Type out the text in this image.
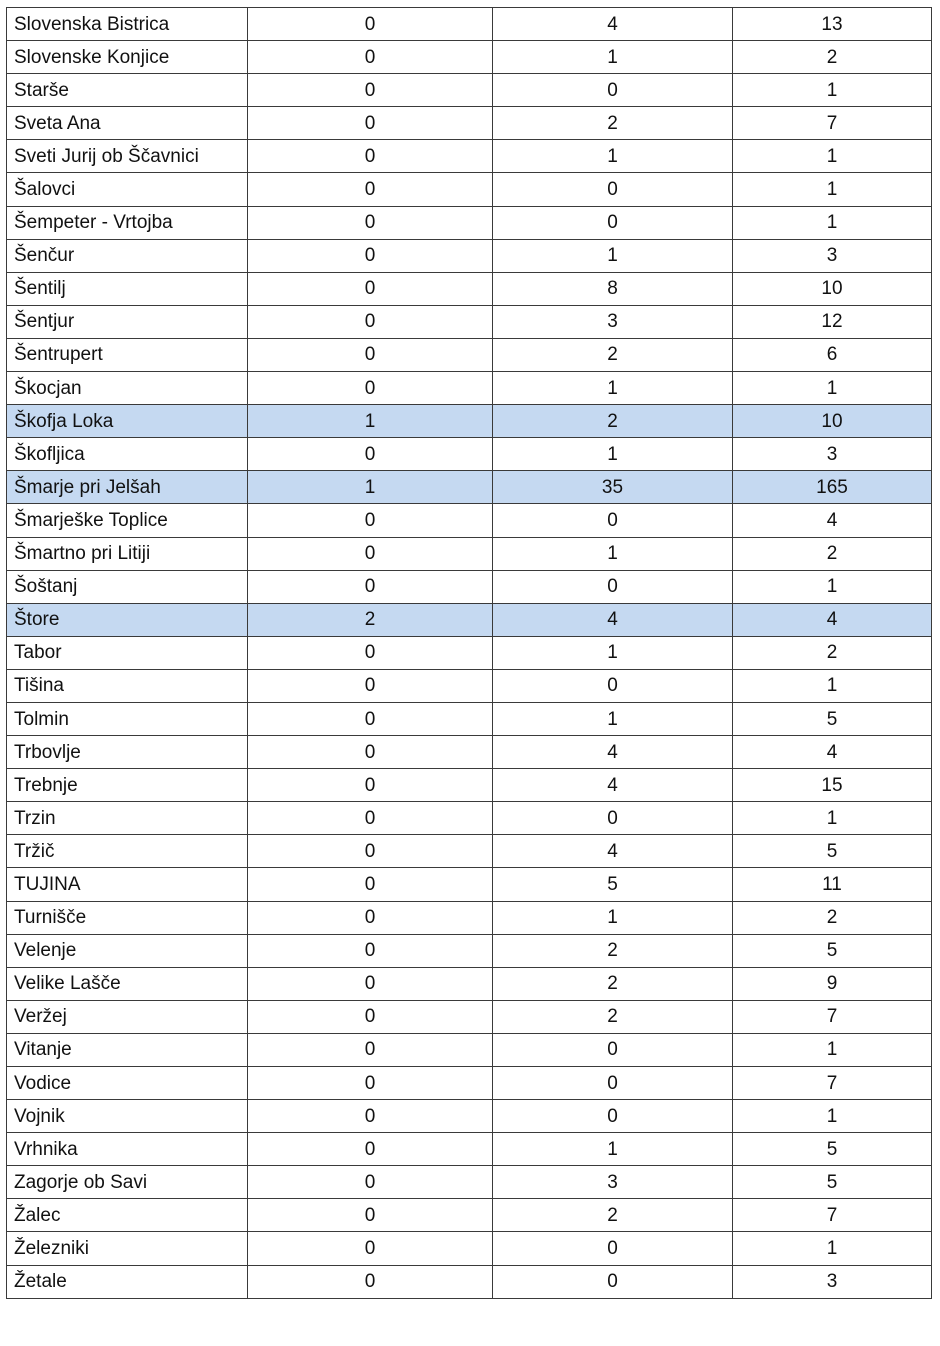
Slovenska Bistrica	0	4	13
Slovenske Konjice	0	1	2
Starše	0	0	1
Sveta Ana	0	2	7
Sveti Jurij ob Ščavnici	0	1	1
Šalovci	0	0	1
Šempeter - Vrtojba	0	0	1
Šenčur	0	1	3
Šentilj	0	8	10
Šentjur	0	3	12
Šentrupert	0	2	6
Škocjan	0	1	1
Škofja Loka	1	2	10
Škofljica	0	1	3
Šmarje pri Jelšah	1	35	165
Šmarješke Toplice	0	0	4
Šmartno pri Litiji	0	1	2
Šoštanj	0	0	1
Štore	2	4	4
Tabor	0	1	2
Tišina	0	0	1
Tolmin	0	1	5
Trbovlje	0	4	4
Trebnje	0	4	15
Trzin	0	0	1
Tržič	0	4	5
TUJINA	0	5	11
Turnišče	0	1	2
Velenje	0	2	5
Velike Lašče	0	2	9
Veržej	0	2	7
Vitanje	0	0	1
Vodice	0	0	7
Vojnik	0	0	1
Vrhnika	0	1	5
Zagorje ob Savi	0	3	5
Žalec	0	2	7
Železniki	0	0	1
Žetale	0	0	3
